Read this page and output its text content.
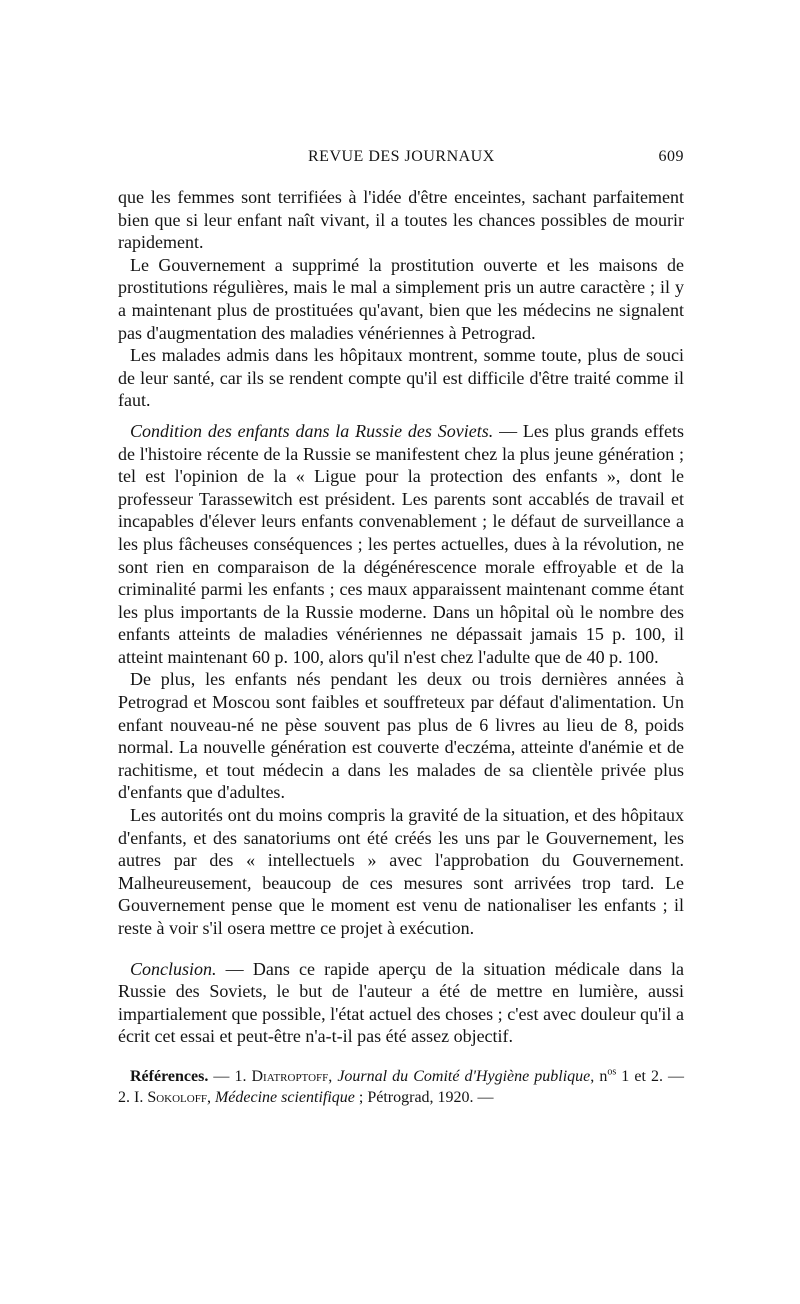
REVUE DES JOURNAUX	609

que les femmes sont terrifiées à l'idée d'être enceintes, sachant parfaitement bien que si leur enfant naît vivant, il a toutes les chances possibles de mourir rapidement.

Le Gouvernement a supprimé la prostitution ouverte et les maisons de prostitutions régulières, mais le mal a simplement pris un autre caractère ; il y a maintenant plus de prostituées qu'avant, bien que les médecins ne signalent pas d'augmentation des maladies vénériennes à Petrograd.

Les malades admis dans les hôpitaux montrent, somme toute, plus de souci de leur santé, car ils se rendent compte qu'il est difficile d'être traité comme il faut.

Condition des enfants dans la Russie des Soviets. — Les plus grands effets de l'histoire récente de la Russie se manifestent chez la plus jeune génération ; tel est l'opinion de la « Ligue pour la protection des enfants », dont le professeur Tarassewitch est président. Les parents sont accablés de travail et incapables d'élever leurs enfants convenablement ; le défaut de surveillance a les plus fâcheuses conséquences ; les pertes actuelles, dues à la révolution, ne sont rien en comparaison de la dégénérescence morale effroyable et de la criminalité parmi les enfants ; ces maux apparaissent maintenant comme étant les plus importants de la Russie moderne. Dans un hôpital où le nombre des enfants atteints de maladies vénériennes ne dépassait jamais 15 p. 100, il atteint maintenant 60 p. 100, alors qu'il n'est chez l'adulte que de 40 p. 100.

De plus, les enfants nés pendant les deux ou trois dernières années à Petrograd et Moscou sont faibles et souffreteux par défaut d'alimentation. Un enfant nouveau-né ne pèse souvent pas plus de 6 livres au lieu de 8, poids normal. La nouvelle génération est couverte d'eczéma, atteinte d'anémie et de rachitisme, et tout médecin a dans les malades de sa clientèle privée plus d'enfants que d'adultes.

Les autorités ont du moins compris la gravité de la situation, et des hôpitaux d'enfants, et des sanatoriums ont été créés les uns par le Gouvernement, les autres par des « intellectuels » avec l'approbation du Gouvernement. Malheureusement, beaucoup de ces mesures sont arrivées trop tard. Le Gouvernement pense que le moment est venu de nationaliser les enfants ; il reste à voir s'il osera mettre ce projet à exécution.

Conclusion. — Dans ce rapide aperçu de la situation médicale dans la Russie des Soviets, le but de l'auteur a été de mettre en lumière, aussi impartialement que possible, l'état actuel des choses ; c'est avec douleur qu'il a écrit cet essai et peut-être n'a-t-il pas été assez objectif.

Références. — 1. Diatroptoff, Journal du Comité d'Hygiène publique, $n^{os}$ 1 et 2. — 2. I. Sokoloff, Médecine scientifique ; Pétrograd, 1920. —
